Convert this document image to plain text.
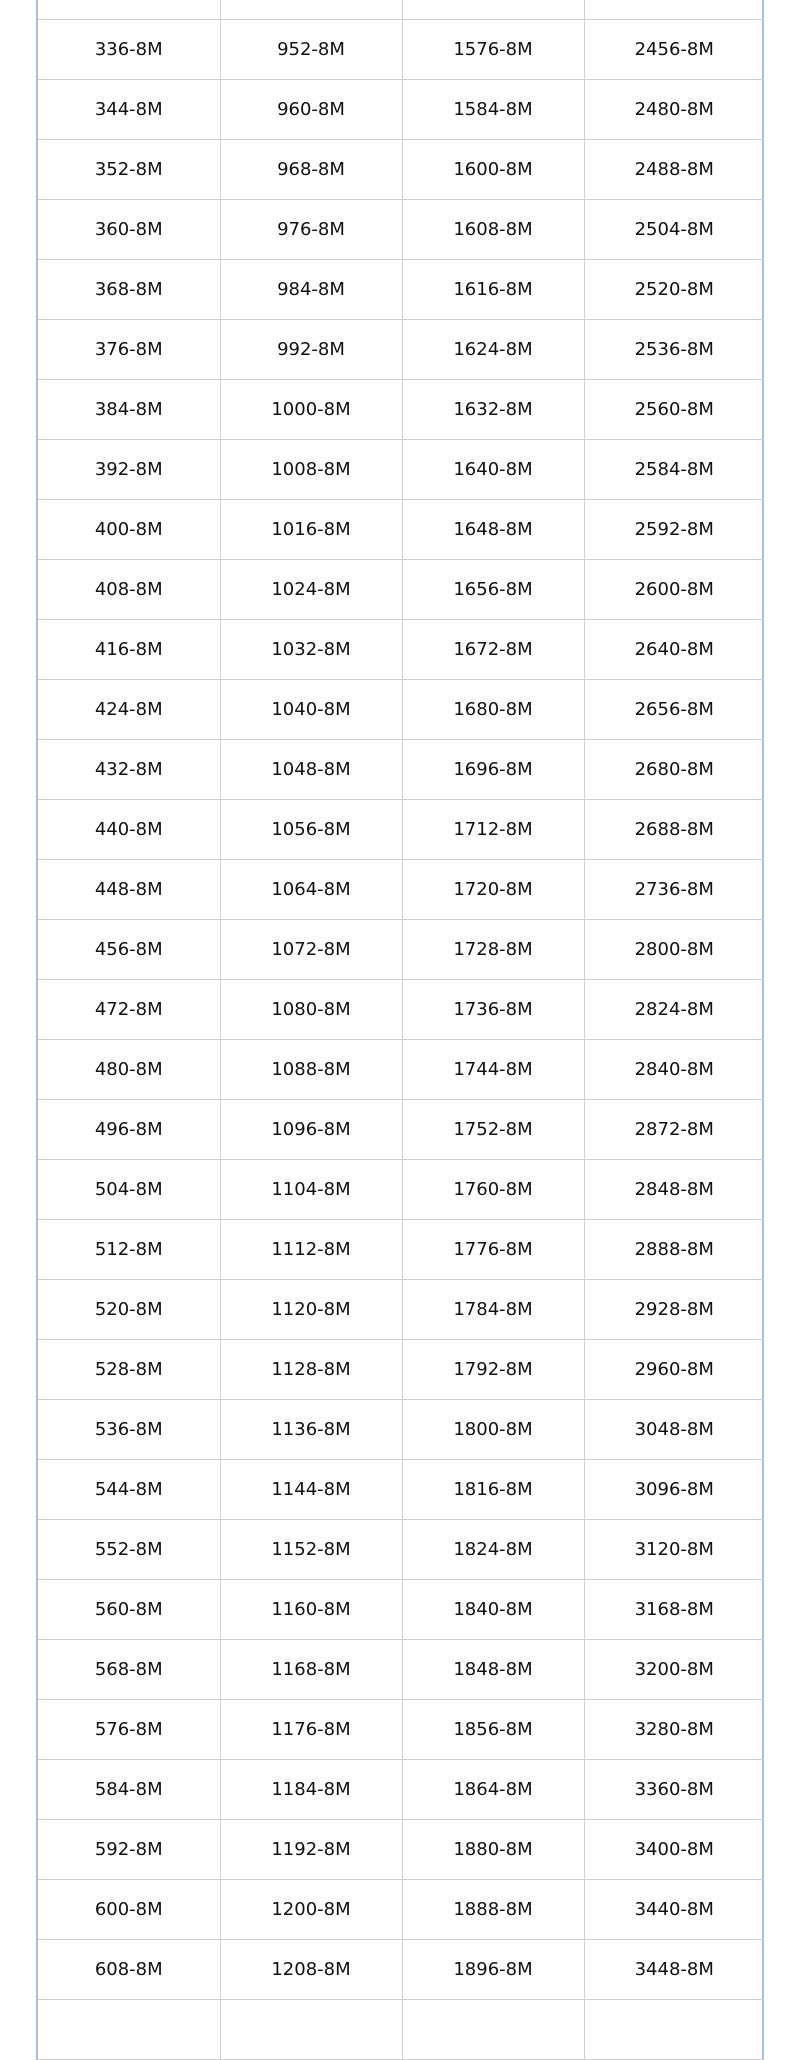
336-8M	952-8M	1576-8M	2456-8M
344-8M	960-8M	1584-8M	2480-8M
352-8M	968-8M	1600-8M	2488-8M
360-8M	976-8M	1608-8M	2504-8M
368-8M	984-8M	1616-8M	2520-8M
376-8M	992-8M	1624-8M	2536-8M
384-8M	1000-8M	1632-8M	2560-8M
392-8M	1008-8M	1640-8M	2584-8M
400-8M	1016-8M	1648-8M	2592-8M
408-8M	1024-8M	1656-8M	2600-8M
416-8M	1032-8M	1672-8M	2640-8M
424-8M	1040-8M	1680-8M	2656-8M
432-8M	1048-8M	1696-8M	2680-8M
440-8M	1056-8M	1712-8M	2688-8M
448-8M	1064-8M	1720-8M	2736-8M
456-8M	1072-8M	1728-8M	2800-8M
472-8M	1080-8M	1736-8M	2824-8M
480-8M	1088-8M	1744-8M	2840-8M
496-8M	1096-8M	1752-8M	2872-8M
504-8M	1104-8M	1760-8M	2848-8M
512-8M	1112-8M	1776-8M	2888-8M
520-8M	1120-8M	1784-8M	2928-8M
528-8M	1128-8M	1792-8M	2960-8M
536-8M	1136-8M	1800-8M	3048-8M
544-8M	1144-8M	1816-8M	3096-8M
552-8M	1152-8M	1824-8M	3120-8M
560-8M	1160-8M	1840-8M	3168-8M
568-8M	1168-8M	1848-8M	3200-8M
576-8M	1176-8M	1856-8M	3280-8M
584-8M	1184-8M	1864-8M	3360-8M
592-8M	1192-8M	1880-8M	3400-8M
600-8M	1200-8M	1888-8M	3440-8M
608-8M	1208-8M	1896-8M	3448-8M
